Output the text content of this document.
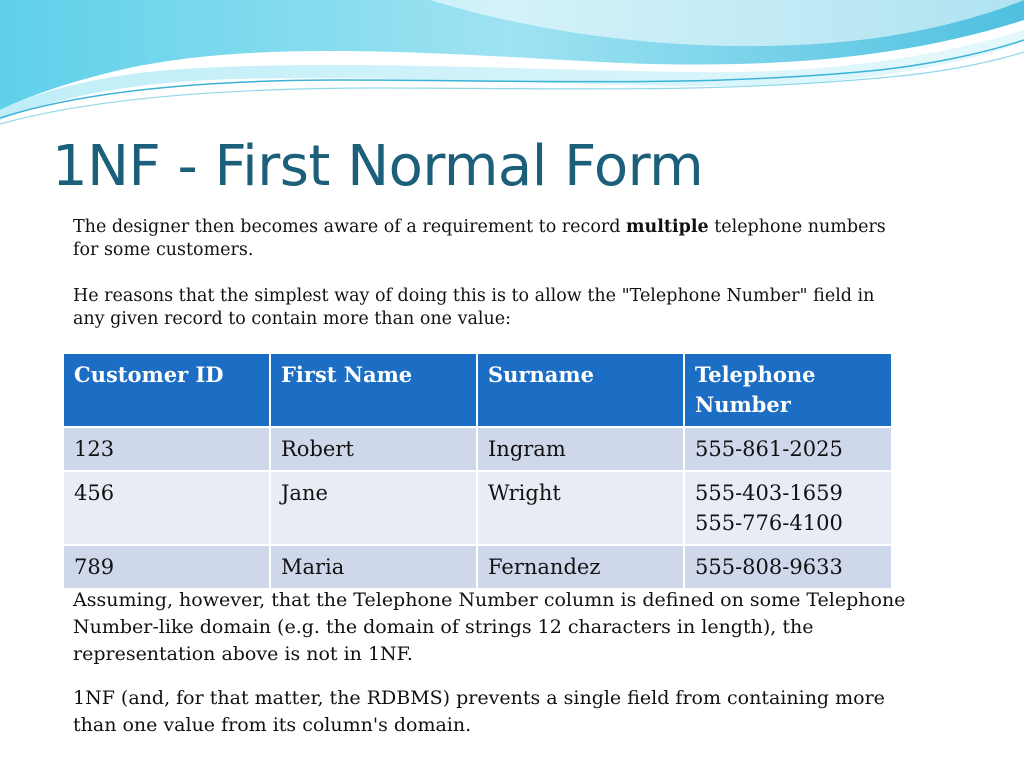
1NF - First Normal Form

The designer then becomes aware of a requirement to record multiple telephone numbers for some customers.

He reasons that the simplest way of doing this is to allow the "Telephone Number" field in any given record to contain more than one value:

Customer ID	First Name	Surname	Telephone Number
123	Robert	Ingram	555-861-2025

456	Jane	Wright	555-403-1659
555-776-4100

789	Maria	Fernandez	555-808-9633

Assuming, however, that the Telephone Number column is defined on some Telephone Number-like domain (e.g. the domain of strings 12 characters in length), the representation above is not in 1NF.

1NF (and, for that matter, the RDBMS) prevents a single field from containing more than one value from its column's domain.
